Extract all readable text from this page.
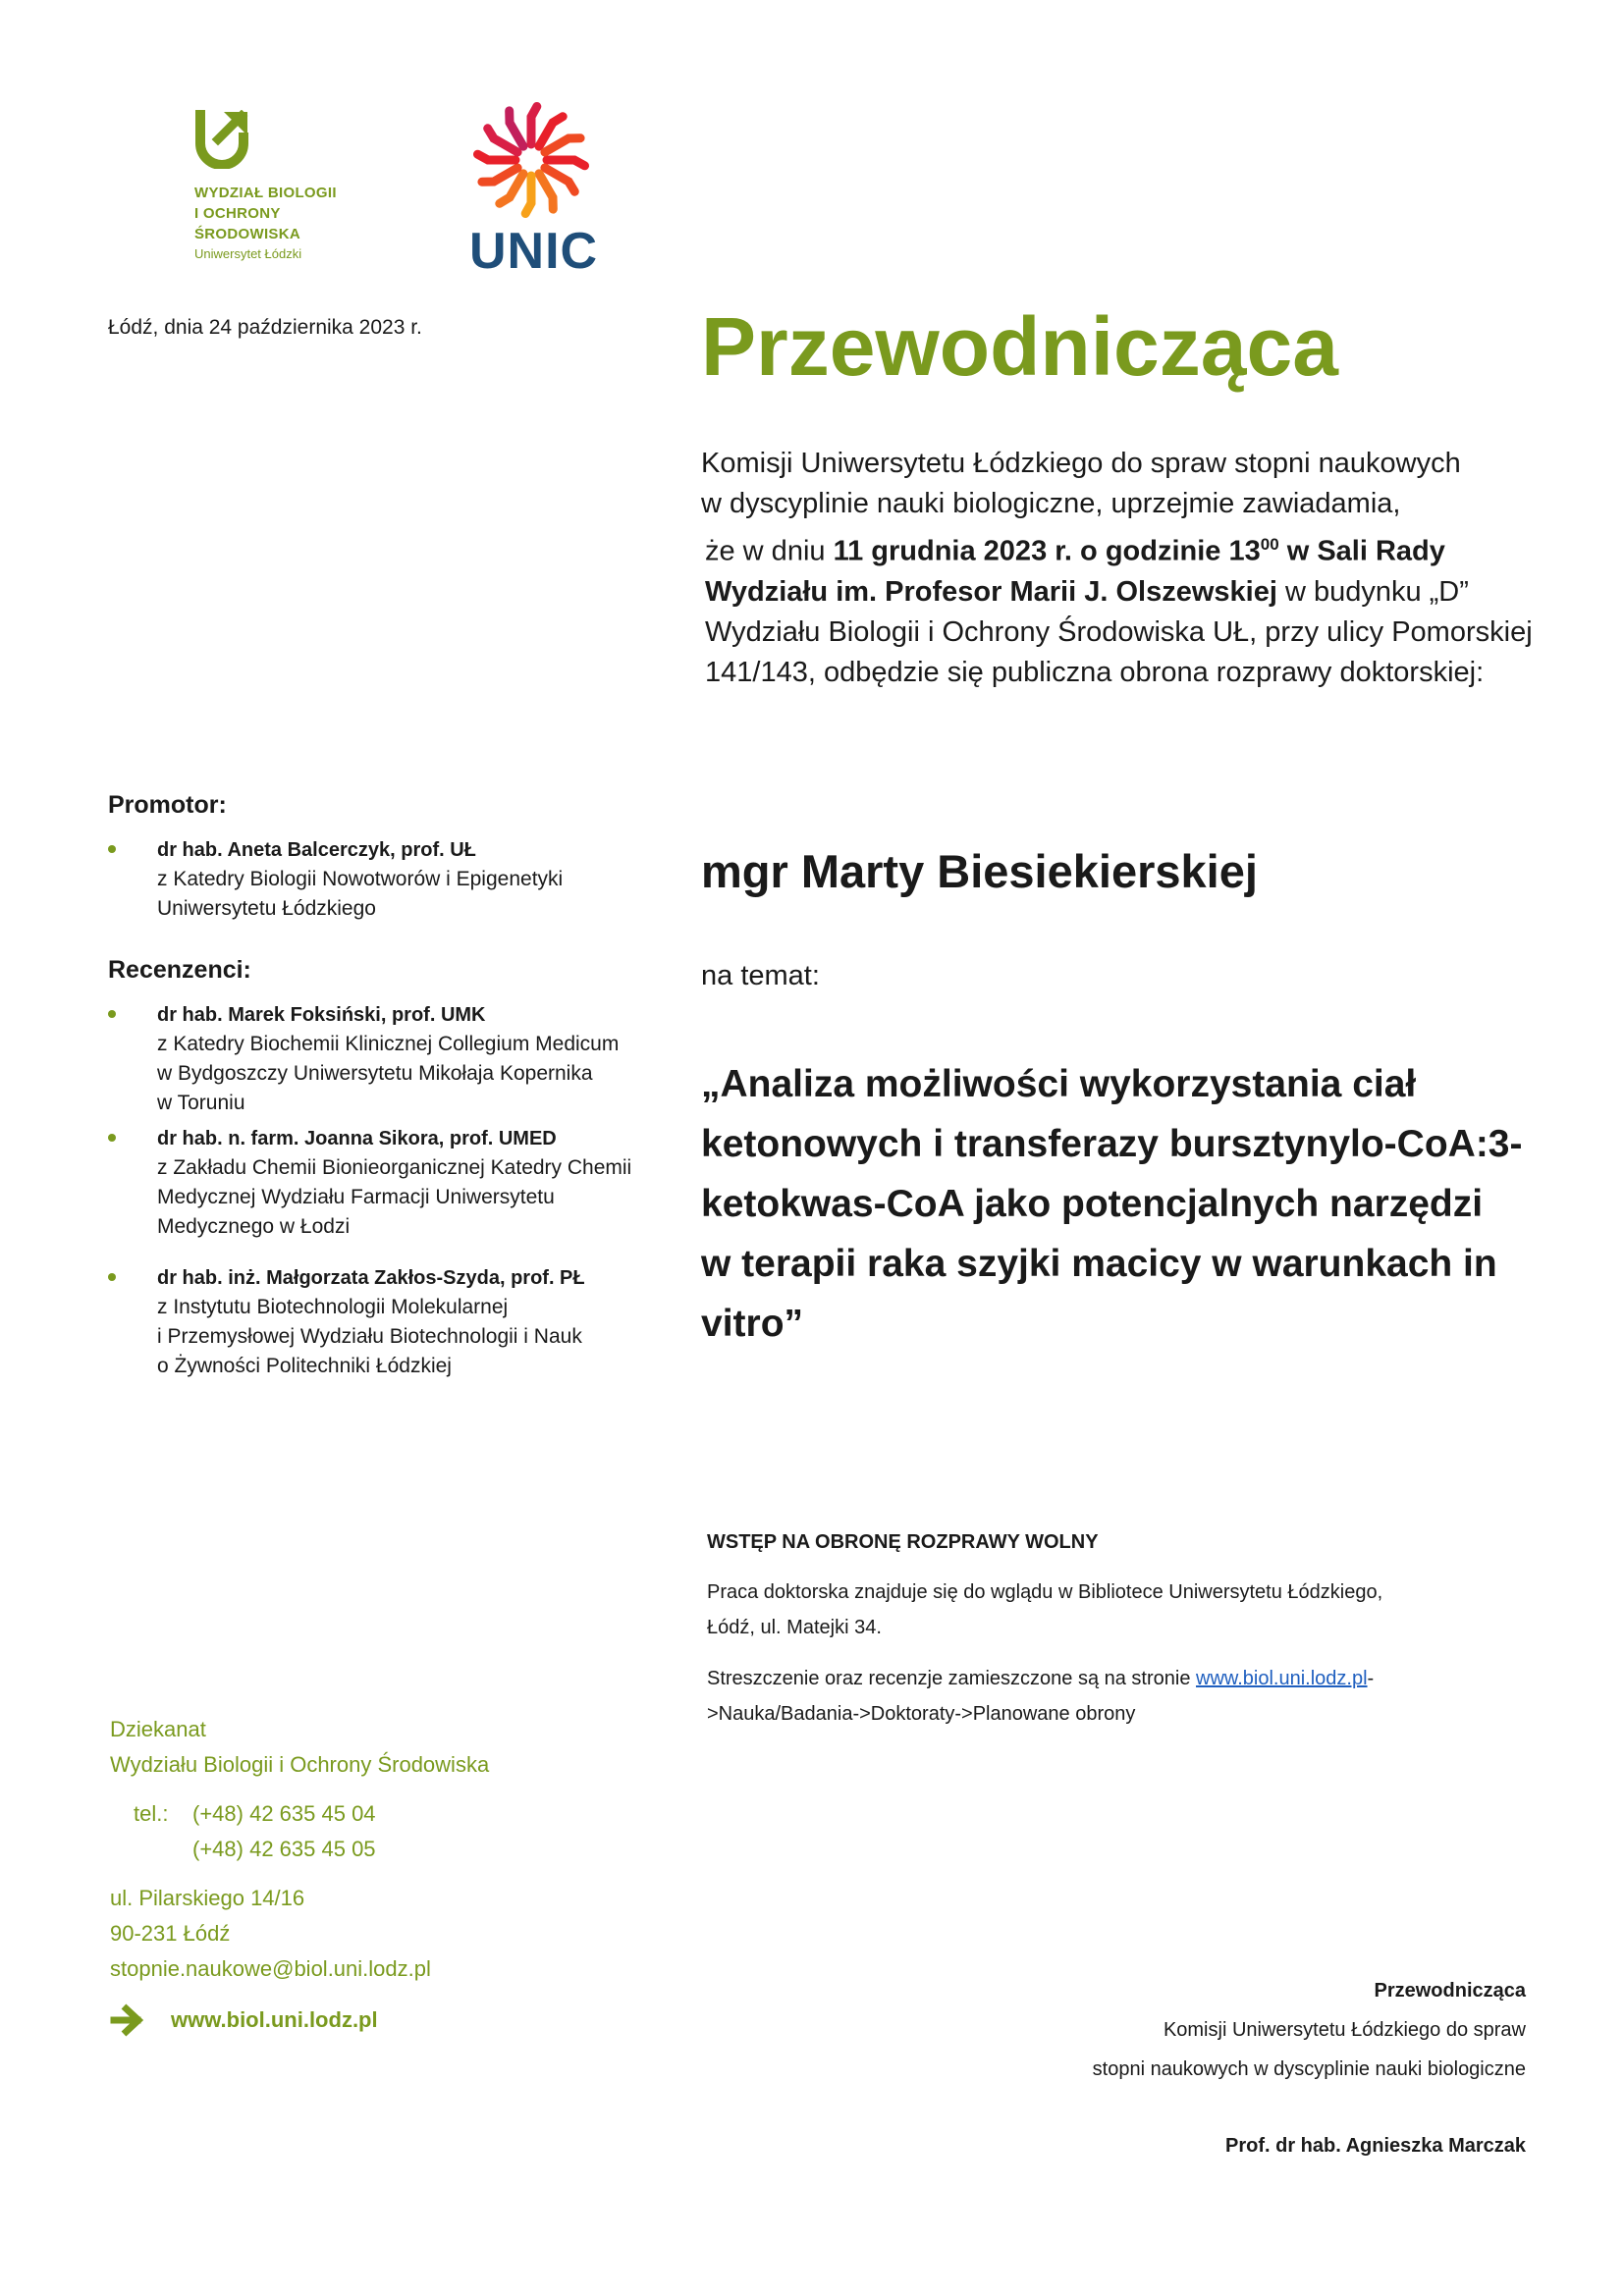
WYDZIAŁ BIOLOGII
I OCHRONY
ŚRODOWISKA
Uniwersytet Łódzki	UNIC
Łódź, dnia 24 października 2023 r.	Przewodnicząca

Komisji Uniwersytetu Łódzkiego do spraw stopni naukowych

w dyscyplinie nauki biologiczne, uprzejmie zawiadamia,

że w dniu 11 grudnia 2023 r. o godzinie $13^{00}$ w Sali Rady Wydziału im. Profesor Marii J. Olszewskiej w budynku „D” Wydziału Biologii i Ochrony Środowiska UŁ, przy ulicy Pomorskiej 141/143, odbędzie się publiczna obrona rozprawy doktorskiej:

Promotor:
dr hab. Aneta Balcerczyk, prof. UŁ
z Katedry Biologii Nowotworów i Epigenetyki
Uniwersytetu Łódzkiego
Recenzenci:
dr hab. Marek Foksiński, prof. UMK
z Katedry Biochemii Klinicznej Collegium Medicum
w Bydgoszczy Uniwersytetu Mikołaja Kopernika
w Toruniu
dr hab. n. farm. Joanna Sikora, prof. UMED
z Zakładu Chemii Bionieorganicznej Katedry Chemii
Medycznej Wydziału Farmacji Uniwersytetu
Medycznego w Łodzi
dr hab. inż. Małgorzata Zakłos-Szyda, prof. PŁ
z Instytutu Biotechnologii Molekularnej
i Przemysłowej Wydziału Biotechnologii i Nauk
o Żywności Politechniki Łódzkiej
mgr Marty Biesiekierskiej
na temat:
„Analiza możliwości wykorzystania ciał
ketonowych i transferazy bursztynylo-CoA:3-
ketokwas-CoA jako potencjalnych narzędzi
w terapii raka szyjki macicy w warunkach in
vitro”
WSTĘP NA OBRONĘ ROZPRAWY WOLNY

Praca doktorska znajduje się do wglądu w Bibliotece Uniwersytetu Łódzkiego,
Łódź, ul. Matejki 34.

Streszczenie oraz recenzje zamieszczone są na stronie www.biol.uni.lodz.pl-
>Nauka/Badania->Doktoraty->Planowane obrony

Dziekanat
Wydziału Biologii i Ochrony Środowiska
tel.:	(+48) 42 635 45 04
(+48) 42 635 45 05
ul. Pilarskiego 14/16
90-231 Łódź
stopnie.naukowe@biol.uni.lodz.pl
www.biol.uni.lodz.pl
Przewodnicząca
Komisji Uniwersytetu Łódzkiego do spraw
stopni naukowych w dyscyplinie nauki biologiczne
Prof. dr hab. Agnieszka Marczak
